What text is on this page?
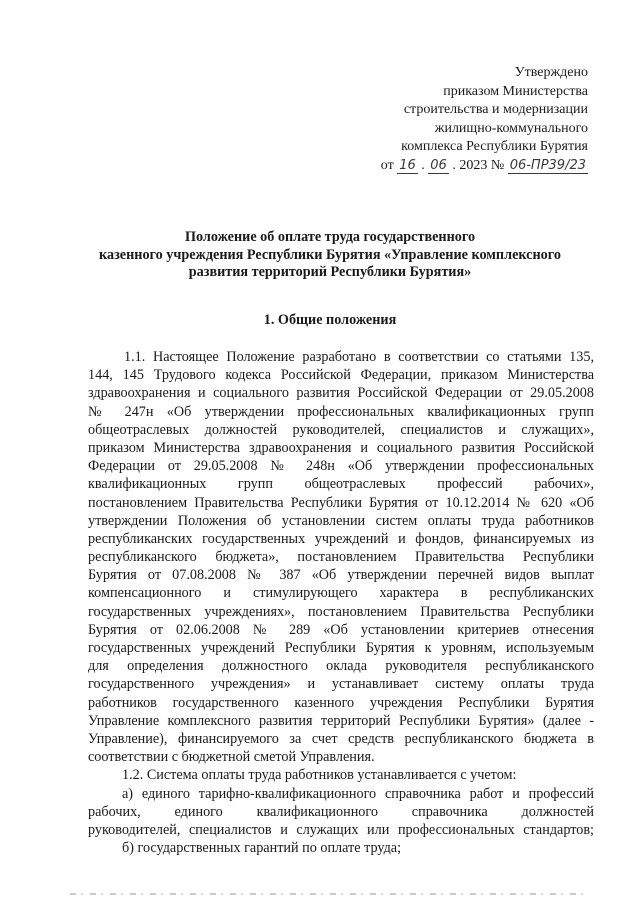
Утверждено
приказом Министерства
строительства и модернизации
жилищно-коммунального
комплекса Республики Бурятия
от 16 . 06 . 2023 № 06-ПР39/23
Положение об оплате труда государственного
казенного учреждения Республики Бурятия «Управление комплексного
развития территорий Республики Бурятия»
1. Общие положения
1.1. Настоящее Положение разработано в соответствии со статьями 135,
144, 145 Трудового кодекса Российской Федерации, приказом Министерства
здравоохранения и социального развития Российской Федерации от 29.05.2008
№ 247н «Об утверждении профессиональных квалификационных групп
общеотраслевых должностей руководителей, специалистов и служащих»,
приказом Министерства здравоохранения и социального развития Российской
Федерации от 29.05.2008 № 248н «Об утверждении профессиональных
квалификационных групп общеотраслевых профессий рабочих»,
постановлением Правительства Республики Бурятия от 10.12.2014 № 620 «Об
утверждении Положения об установлении систем оплаты труда работников
республиканских государственных учреждений и фондов, финансируемых из
республиканского бюджета», постановлением Правительства Республики
Бурятия от 07.08.2008 № 387 «Об утверждении перечней видов выплат
компенсационного и стимулирующего характера в республиканских
государственных учреждениях», постановлением Правительства Республики
Бурятия от 02.06.2008 № 289 «Об установлении критериев отнесения
государственных учреждений Республики Бурятия к уровням, используемым
для определения должностного оклада руководителя республиканского
государственного учреждения» и устанавливает систему оплаты труда
работников государственного казенного учреждения Республики Бурятия
Управление комплексного развития территорий Республики Бурятия» (далее -
Управление), финансируемого за счет средств республиканского бюджета в
соответствии с бюджетной сметой Управления.
1.2. Система оплаты труда работников устанавливается с учетом:
а) единого тарифно-квалификационного справочника работ и профессий
рабочих, единого квалификационного справочника должностей
руководителей, специалистов и служащих или профессиональных стандартов;
б) государственных гарантий по оплате труда;
